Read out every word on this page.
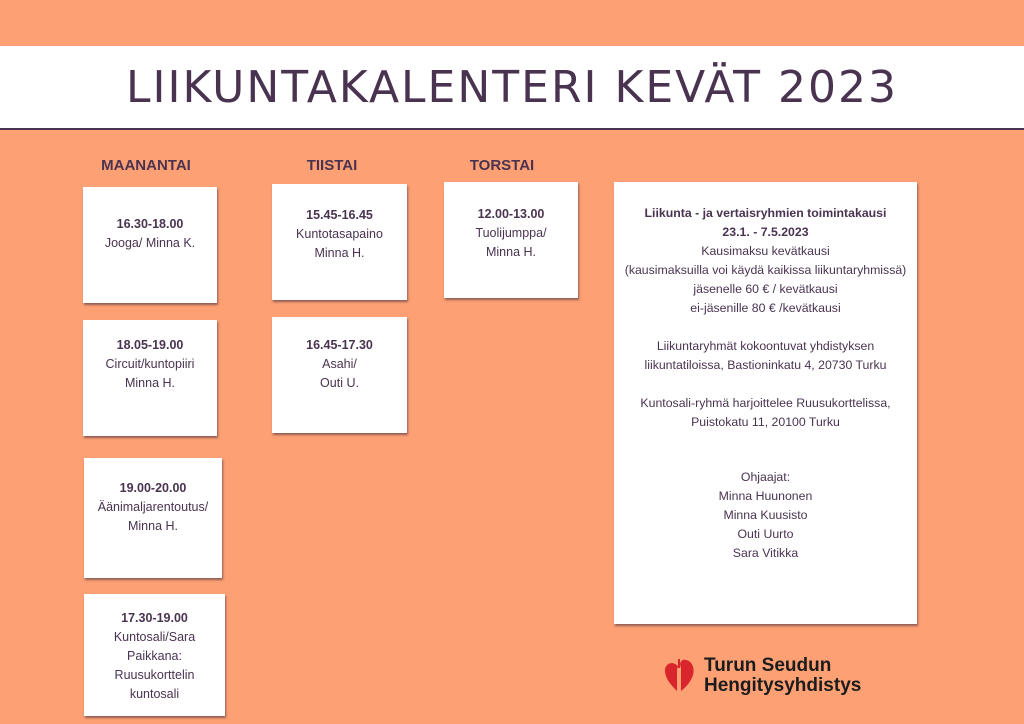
LIIKUNTAKALENTERI KEVÄT 2023
MAANANTAI	TIISTAI	TORSTAI
16.30-18.00
Jooga/ Minna K.
18.05-19.00
Circuit/kuntopiiri
Minna H.
19.00-20.00
Äänimaljarentoutus/
Minna H.
17.30-19.00
Kuntosali/Sara
Paikkana:
Ruusukorttelin
kuntosali
15.45-16.45
Kuntotasapaino
Minna H.
16.45-17.30
Asahi/
Outi U.
12.00-13.00
Tuolijumppa/
Minna H.
Liikunta - ja vertaisryhmien toimintakausi
23.1. - 7.5.2023
Kausimaksu kevätkausi
(kausimaksuilla voi käydä kaikissa liikuntaryhmissä)
jäsenelle 60 € / kevätkausi
ei-jäsenille 80 € /kevätkausi
Liikuntaryhmät kokoontuvat yhdistyksen
liikuntatiloissa, Bastioninkatu 4, 20730 Turku
Kuntosali-ryhmä harjoittelee Ruusukorttelissa,
Puistokatu 11, 20100 Turku
Ohjaajat:
Minna Huunonen
Minna Kuusisto
Outi Uurto
Sara Vitikka
Turun Seudun
Hengitysyhdistys
